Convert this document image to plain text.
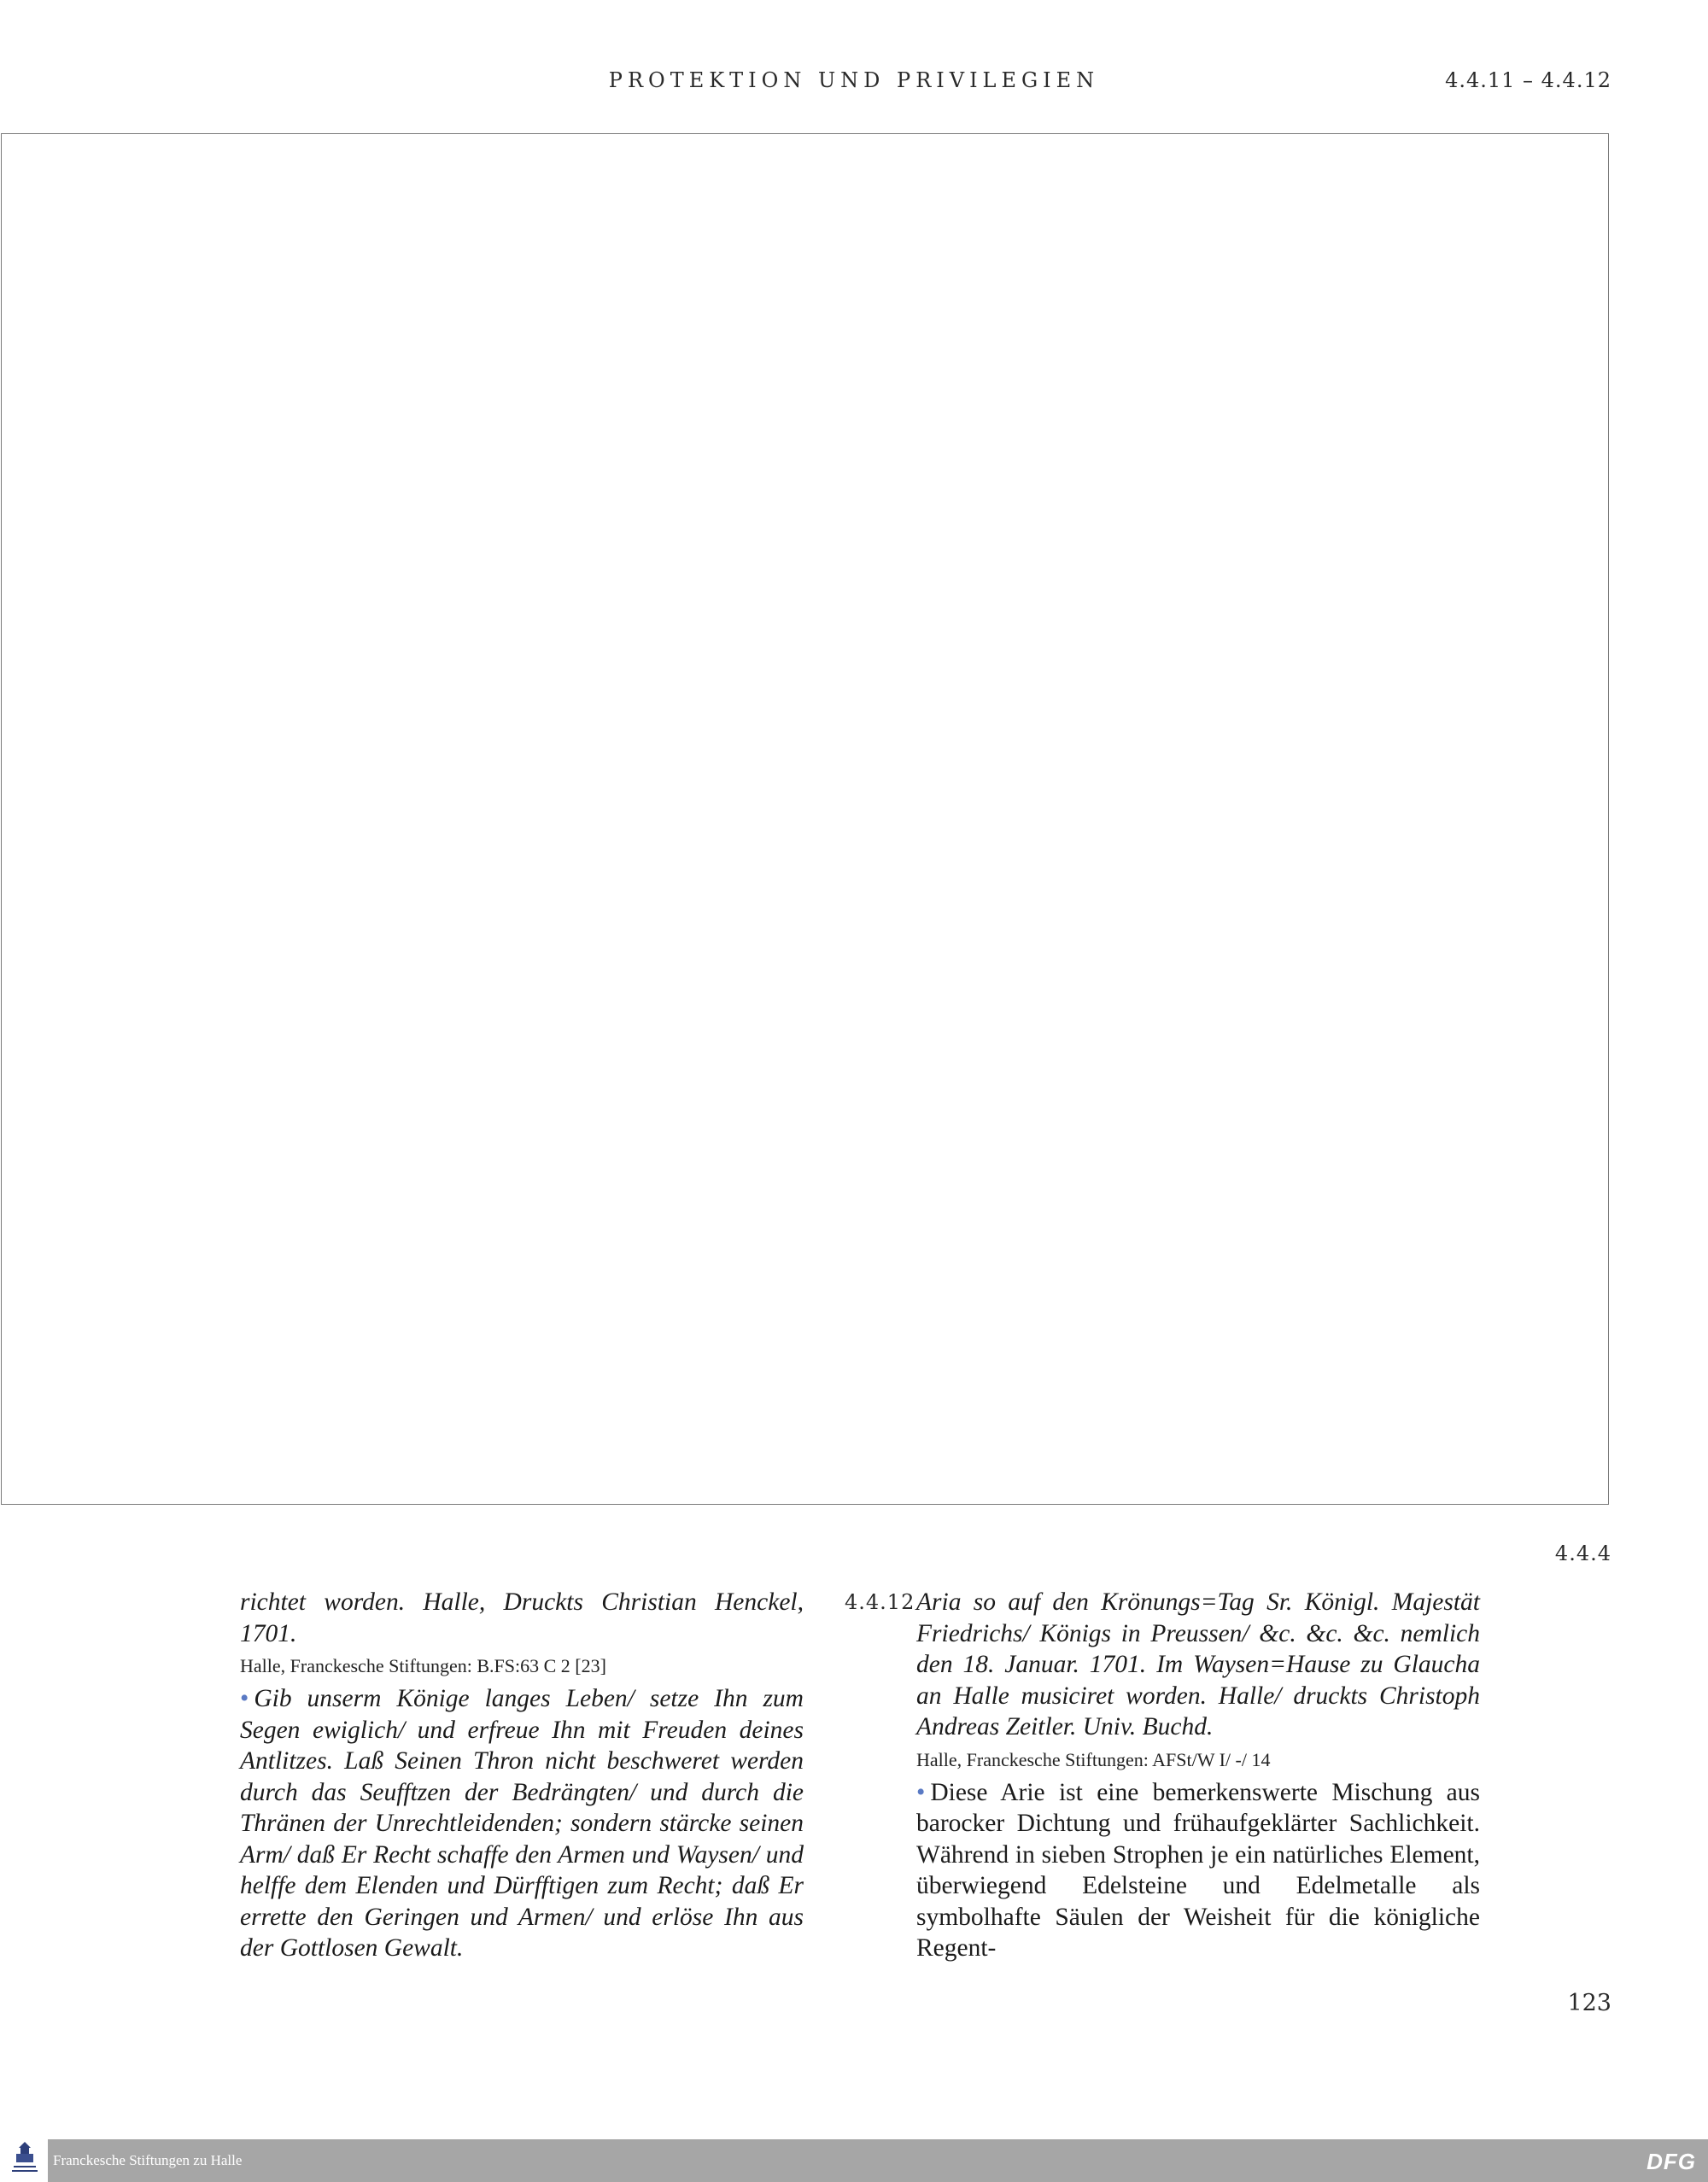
PROTEKTION UND PRIVILEGIEN	4.4.11 – 4.4.12
4.4.4

richtet worden. Halle, Druckts Christian Henckel, 1701.

Halle, Franckesche Stiftungen: B.FS:63 C 2 [23]

• Gib unserm Könige langes Leben/ setze Ihn zum Segen ewiglich/ und erfreue Ihn mit Freuden deines Antlitzes. Laß Seinen Thron nicht beschweret werden durch das Seufftzen der Bedrängten/ und durch die Thränen der Unrechtleidenden; sondern stärcke seinen Arm/ daß Er Recht schaffe den Armen und Waysen/ und helffe dem Elenden und Dürfftigen zum Recht; daß Er errette den Geringen und Armen/ und erlöse Ihn aus der Gottlosen Gewalt.

4.4.12 Aria so auf den Krönungs=Tag Sr. Königl. Majestät Friedrichs/ Königs in Preussen/ &c. &c. &c. nemlich den 18. Januar. 1701. Im Waysen=Hause zu Glaucha an Halle musiciret worden. Halle/ druckts Christoph Andreas Zeitler. Univ. Buchd.

Halle, Franckesche Stiftungen: AFSt/W I/ -/ 14

• Diese Arie ist eine bemerkenswerte Mischung aus barocker Dichtung und frühaufgeklärter Sachlichkeit. Während in sieben Strophen je ein natürliches Element, überwiegend Edelsteine und Edelmetalle als symbolhafte Säulen der Weisheit für die königliche Regent-

123
Franckesche Stiftungen zu Halle	DFG
